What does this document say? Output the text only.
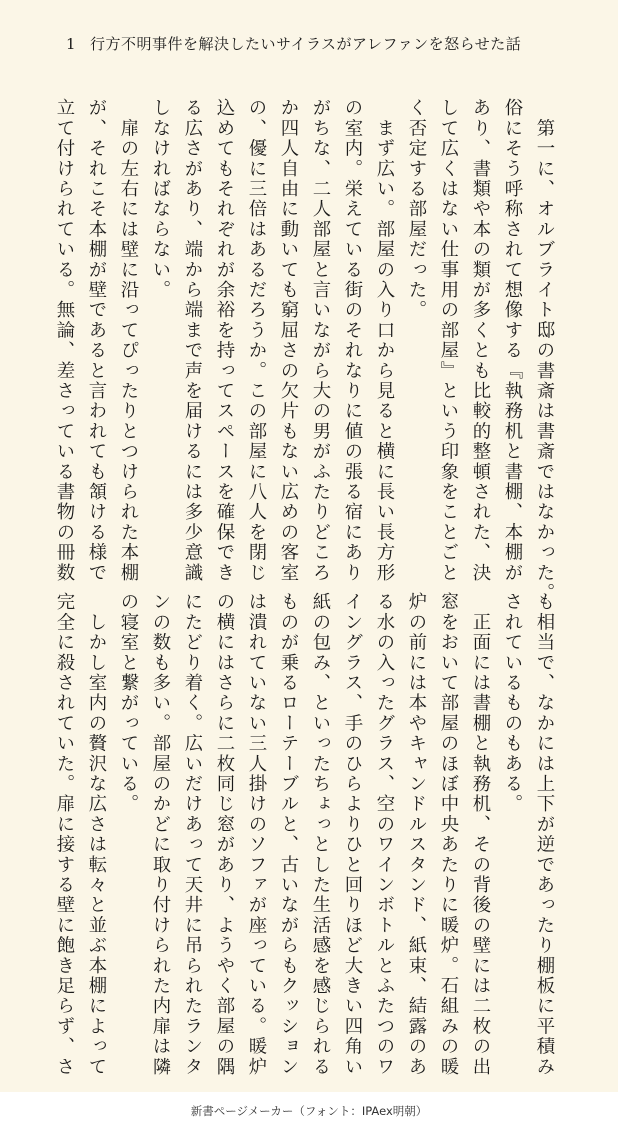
1 行方不明事件を解決したいサイラスがアレファンを怒らせた話
　第一に、オルブライト邸の書斎は書斎ではなかった。
俗にそう呼称されて想像する『執務机と書棚、本棚が
あり、書類や本の類が多くとも比較的整頓された、決
して広くはない仕事用の部屋』という印象をことごと
く否定する部屋だった。
　まず広い。部屋の入り口から見ると横に長い長方形
の室内。栄えている街のそれなりに値の張る宿にあり
がちな、二人部屋と言いながら大の男がふたりどころ
か四人自由に動いても窮屈さの欠片もない広めの客室
の、優に三倍はあるだろうか。この部屋に八人を閉じ
込めてもそれぞれが余裕を持ってスペースを確保でき
る広さがあり、端から端まで声を届けるには多少意識
しなければならない。
　扉の左右には壁に沿ってぴったりとつけられた本棚
が、それこそ本棚が壁であると言われても頷ける様で
立て付けられている。無論、差さっている書物の冊数
も相当で、なかには上下が逆であったり棚板に平積み
されているものもある。
　正面には書棚と執務机、その背後の壁には二枚の出
窓をおいて部屋のほぼ中央あたりに暖炉。石組みの暖
炉の前には本やキャンドルスタンド、紙束、結露のあ
る水の入ったグラス、空のワインボトルとふたつのワ
イングラス、手のひらよりひと回りほど大きい四角い
紙の包み、といったちょっとした生活感を感じられる
ものが乗るローテーブルと、古いながらもクッション
は潰れていない三人掛けのソファが座っている。暖炉
の横にはさらに二枚同じ窓があり、ようやく部屋の隅
にたどり着く。広いだけあって天井に吊られたランタ
ンの数も多い。部屋のかどに取り付けられた内扉は隣
の寝室と繋がっている。
　しかし室内の贅沢な広さは転々と並ぶ本棚によって
完全に殺されていた。扉に接する壁に飽き足らず、さ
新書ページメーカー（フォント：IPAex明朝）
